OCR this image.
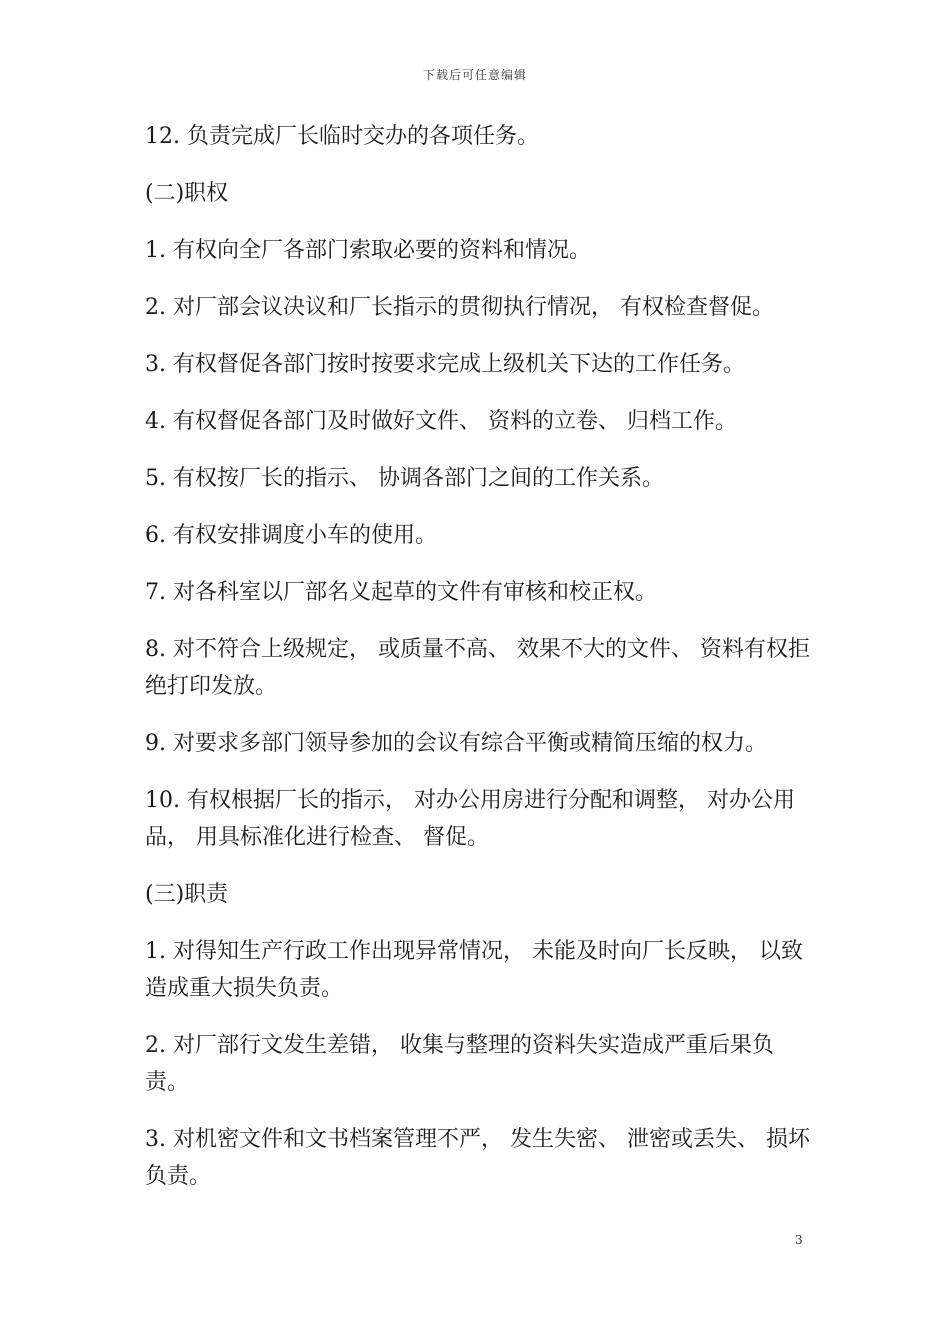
下载后可任意编辑

12. 负责完成厂长临时交办的各项任务。

(二)职权

1. 有权向全厂各部门索取必要的资料和情况。

2. 对厂部会议决议和厂长指示的贯彻执行情况， 有权检查督促。

3. 有权督促各部门按时按要求完成上级机关下达的工作任务。

4. 有权督促各部门及时做好文件、 资料的立卷、 归档工作。

5. 有权按厂长的指示、 协调各部门之间的工作关系。

6. 有权安排调度小车的使用。

7. 对各科室以厂部名义起草的文件有审核和校正权。

8. 对不符合上级规定， 或质量不高、 效果不大的文件、 资料有权拒绝打印发放。

9. 对要求多部门领导参加的会议有综合平衡或精简压缩的权力。

10. 有权根据厂长的指示， 对办公用房进行分配和调整， 对办公用品， 用具标准化进行检查、 督促。

(三)职责

1. 对得知生产行政工作出现异常情况， 未能及时向厂长反映， 以致造成重大损失负责。

2. 对厂部行文发生差错， 收集与整理的资料失实造成严重后果负责。

3. 对机密文件和文书档案管理不严， 发生失密、 泄密或丢失、 损坏负责。

3
